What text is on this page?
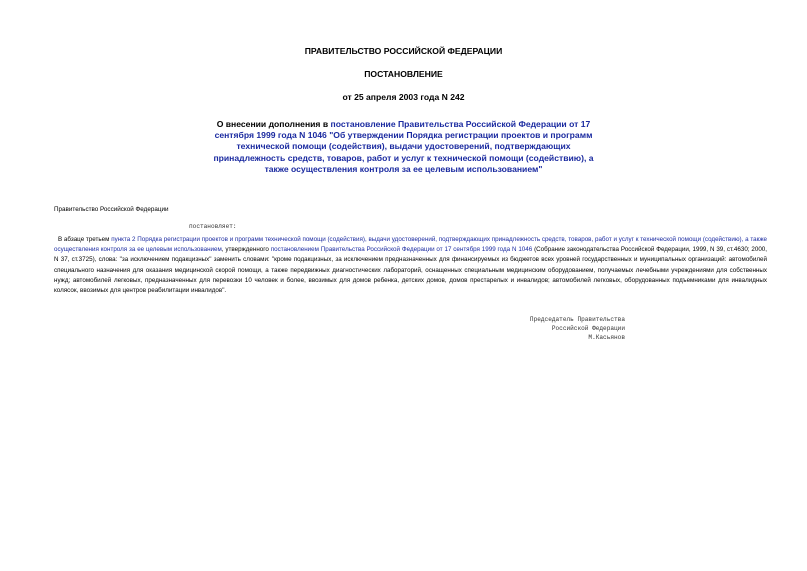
ПРАВИТЕЛЬСТВО РОССИЙСКОЙ ФЕДЕРАЦИИ
ПОСТАНОВЛЕНИЕ
от 25 апреля 2003 года N 242
О внесении дополнения в постановление Правительства Российской Федерации от 17 сентября 1999 года N 1046 "Об утверждении Порядка регистрации проектов и программ технической помощи (содействия), выдачи удостоверений, подтверждающих принадлежность средств, товаров, работ и услуг к технической помощи (содействию), а также осуществления контроля за ее целевым использованием"
Правительство Российской Федерации
постановляет:
В абзаце третьем пункта 2 Порядка регистрации проектов и программ технической помощи (содействия), выдачи удостоверений, подтверждающих принадлежность средств, товаров, работ и услуг к технической помощи (содействию), а также осуществления контроля за ее целевым использованием, утвержденного постановлением Правительства Российской Федерации от 17 сентября 1999 года N 1046 (Собрание законодательства Российской Федерации, 1999, N 39, ст.4630; 2000, N 37, ст.3725), слова: "за исключением подакцизных" заменить словами: "кроме подакцизных, за исключением предназначенных для финансируемых из бюджетов всех уровней государственных и муниципальных организаций: автомобилей специального назначения для оказания медицинской скорой помощи, а также передвижных диагностических лабораторий, оснащенных специальным медицинским оборудованием, получаемых лечебными учреждениями для собственных нужд; автомобилей легковых, предназначенных для перевозки 10 человек и более, ввозимых для домов ребенка, детских домов, домов престарелых и инвалидов; автомобилей легковых, оборудованных подъемниками для инвалидных колясок, ввозимых для центров реабилитации инвалидов".
Председатель Правительства
Российской Федерации
М.Касьянов
